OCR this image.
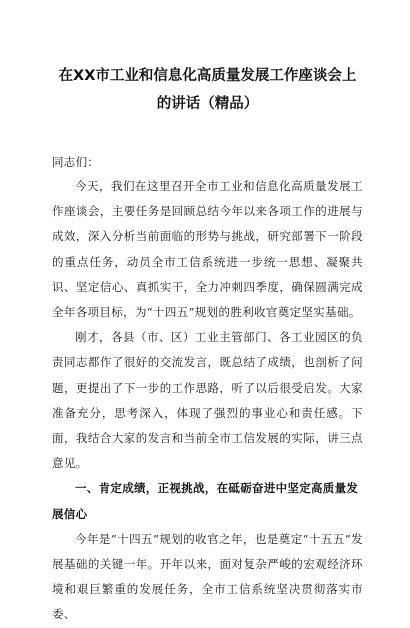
在XX市工业和信息化高质量发展工作座谈会上的讲话（精品）
同志们：

今天，我们在这里召开全市工业和信息化高质量发展工作座谈会，主要任务是回顾总结今年以来各项工作的进展与成效，深入分析当前面临的形势与挑战，研究部署下一阶段的重点任务，动员全市工信系统进一步统一思想、凝聚共识、坚定信心、真抓实干，全力冲刺四季度，确保圆满完成全年各项目标，为“十四五”规划的胜利收官奠定坚实基础。

刚才，各县（市、区）工业主管部门、各工业园区的负责同志都作了很好的交流发言，既总结了成绩，也剖析了问题，更提出了下一步的工作思路，听了以后很受启发。大家准备充分，思考深入，体现了强烈的事业心和责任感。下面，我结合大家的发言和当前全市工信发展的实际，讲三点意见。

一、肯定成绩，正视挑战，在砥砺奋进中坚定高质量发展信心

今年是“十四五”规划的收官之年，也是奠定“十五五”发展基础的关键一年。开年以来，面对复杂严峻的宏观经济环境和艰巨繁重的发展任务，全市工信系统坚决贯彻落实市委、
